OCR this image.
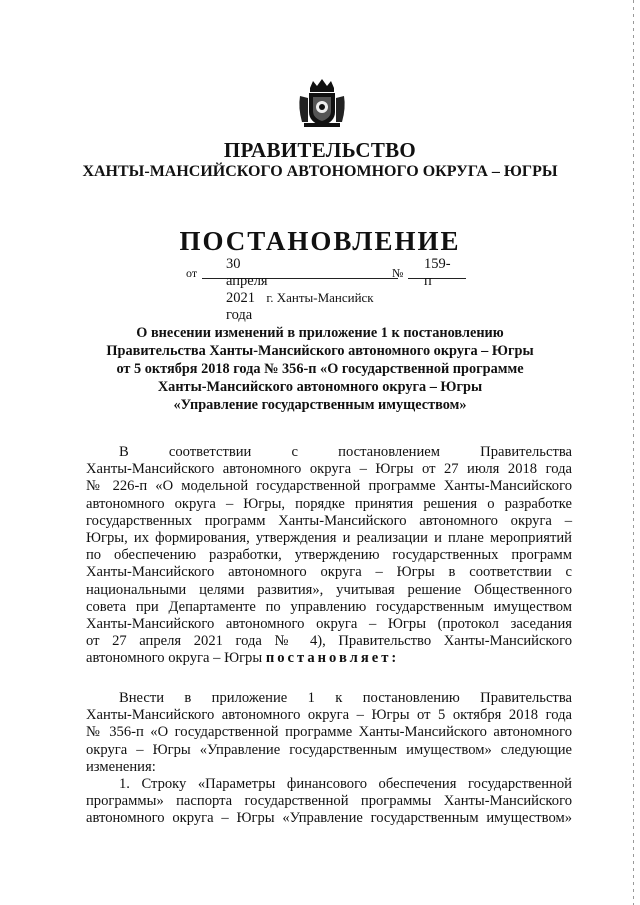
ПРАВИТЕЛЬСТВО
ХАНТЫ-МАНСИЙСКОГО АВТОНОМНОГО ОКРУГА – ЮГРЫ
ПОСТАНОВЛЕНИЕ
от
30 апреля 2021 года
№
159-п
г. Ханты-Мансийск
О внесении изменений в приложение 1 к постановлению
Правительства Ханты-Мансийского автономного округа – Югры
от 5 октября 2018 года № 356-п «О государственной программе
Ханты-Мансийского автономного округа – Югры
«Управление государственным имуществом»
В соответствии с постановлением Правительства
Ханты-Мансийского автономного округа – Югры от 27 июля 2018 года
№ 226-п «О модельной государственной программе Ханты-Мансийского
автономного округа – Югры, порядке принятия решения о разработке
государственных программ Ханты-Мансийского автономного округа –
Югры, их формирования, утверждения и реализации и плане мероприятий
по обеспечению разработки, утверждению государственных программ
Ханты-Мансийского автономного округа – Югры в соответствии с
национальными целями развития», учитывая решение Общественного
совета при Департаменте по управлению государственным имуществом
Ханты-Мансийского автономного округа – Югры (протокол заседания
от 27 апреля 2021 года № 4), Правительство Ханты-Мансийского
автономного округа – Югры постановляет:
Внести в приложение 1 к постановлению Правительства
Ханты-Мансийского автономного округа – Югры от 5 октября 2018 года
№ 356-п «О государственной программе Ханты-Мансийского автономного
округа – Югры «Управление государственным имуществом» следующие
изменения:
1. Строку «Параметры финансового обеспечения государственной
программы» паспорта государственной программы Ханты-Мансийского
автономного округа – Югры «Управление государственным имуществом»
